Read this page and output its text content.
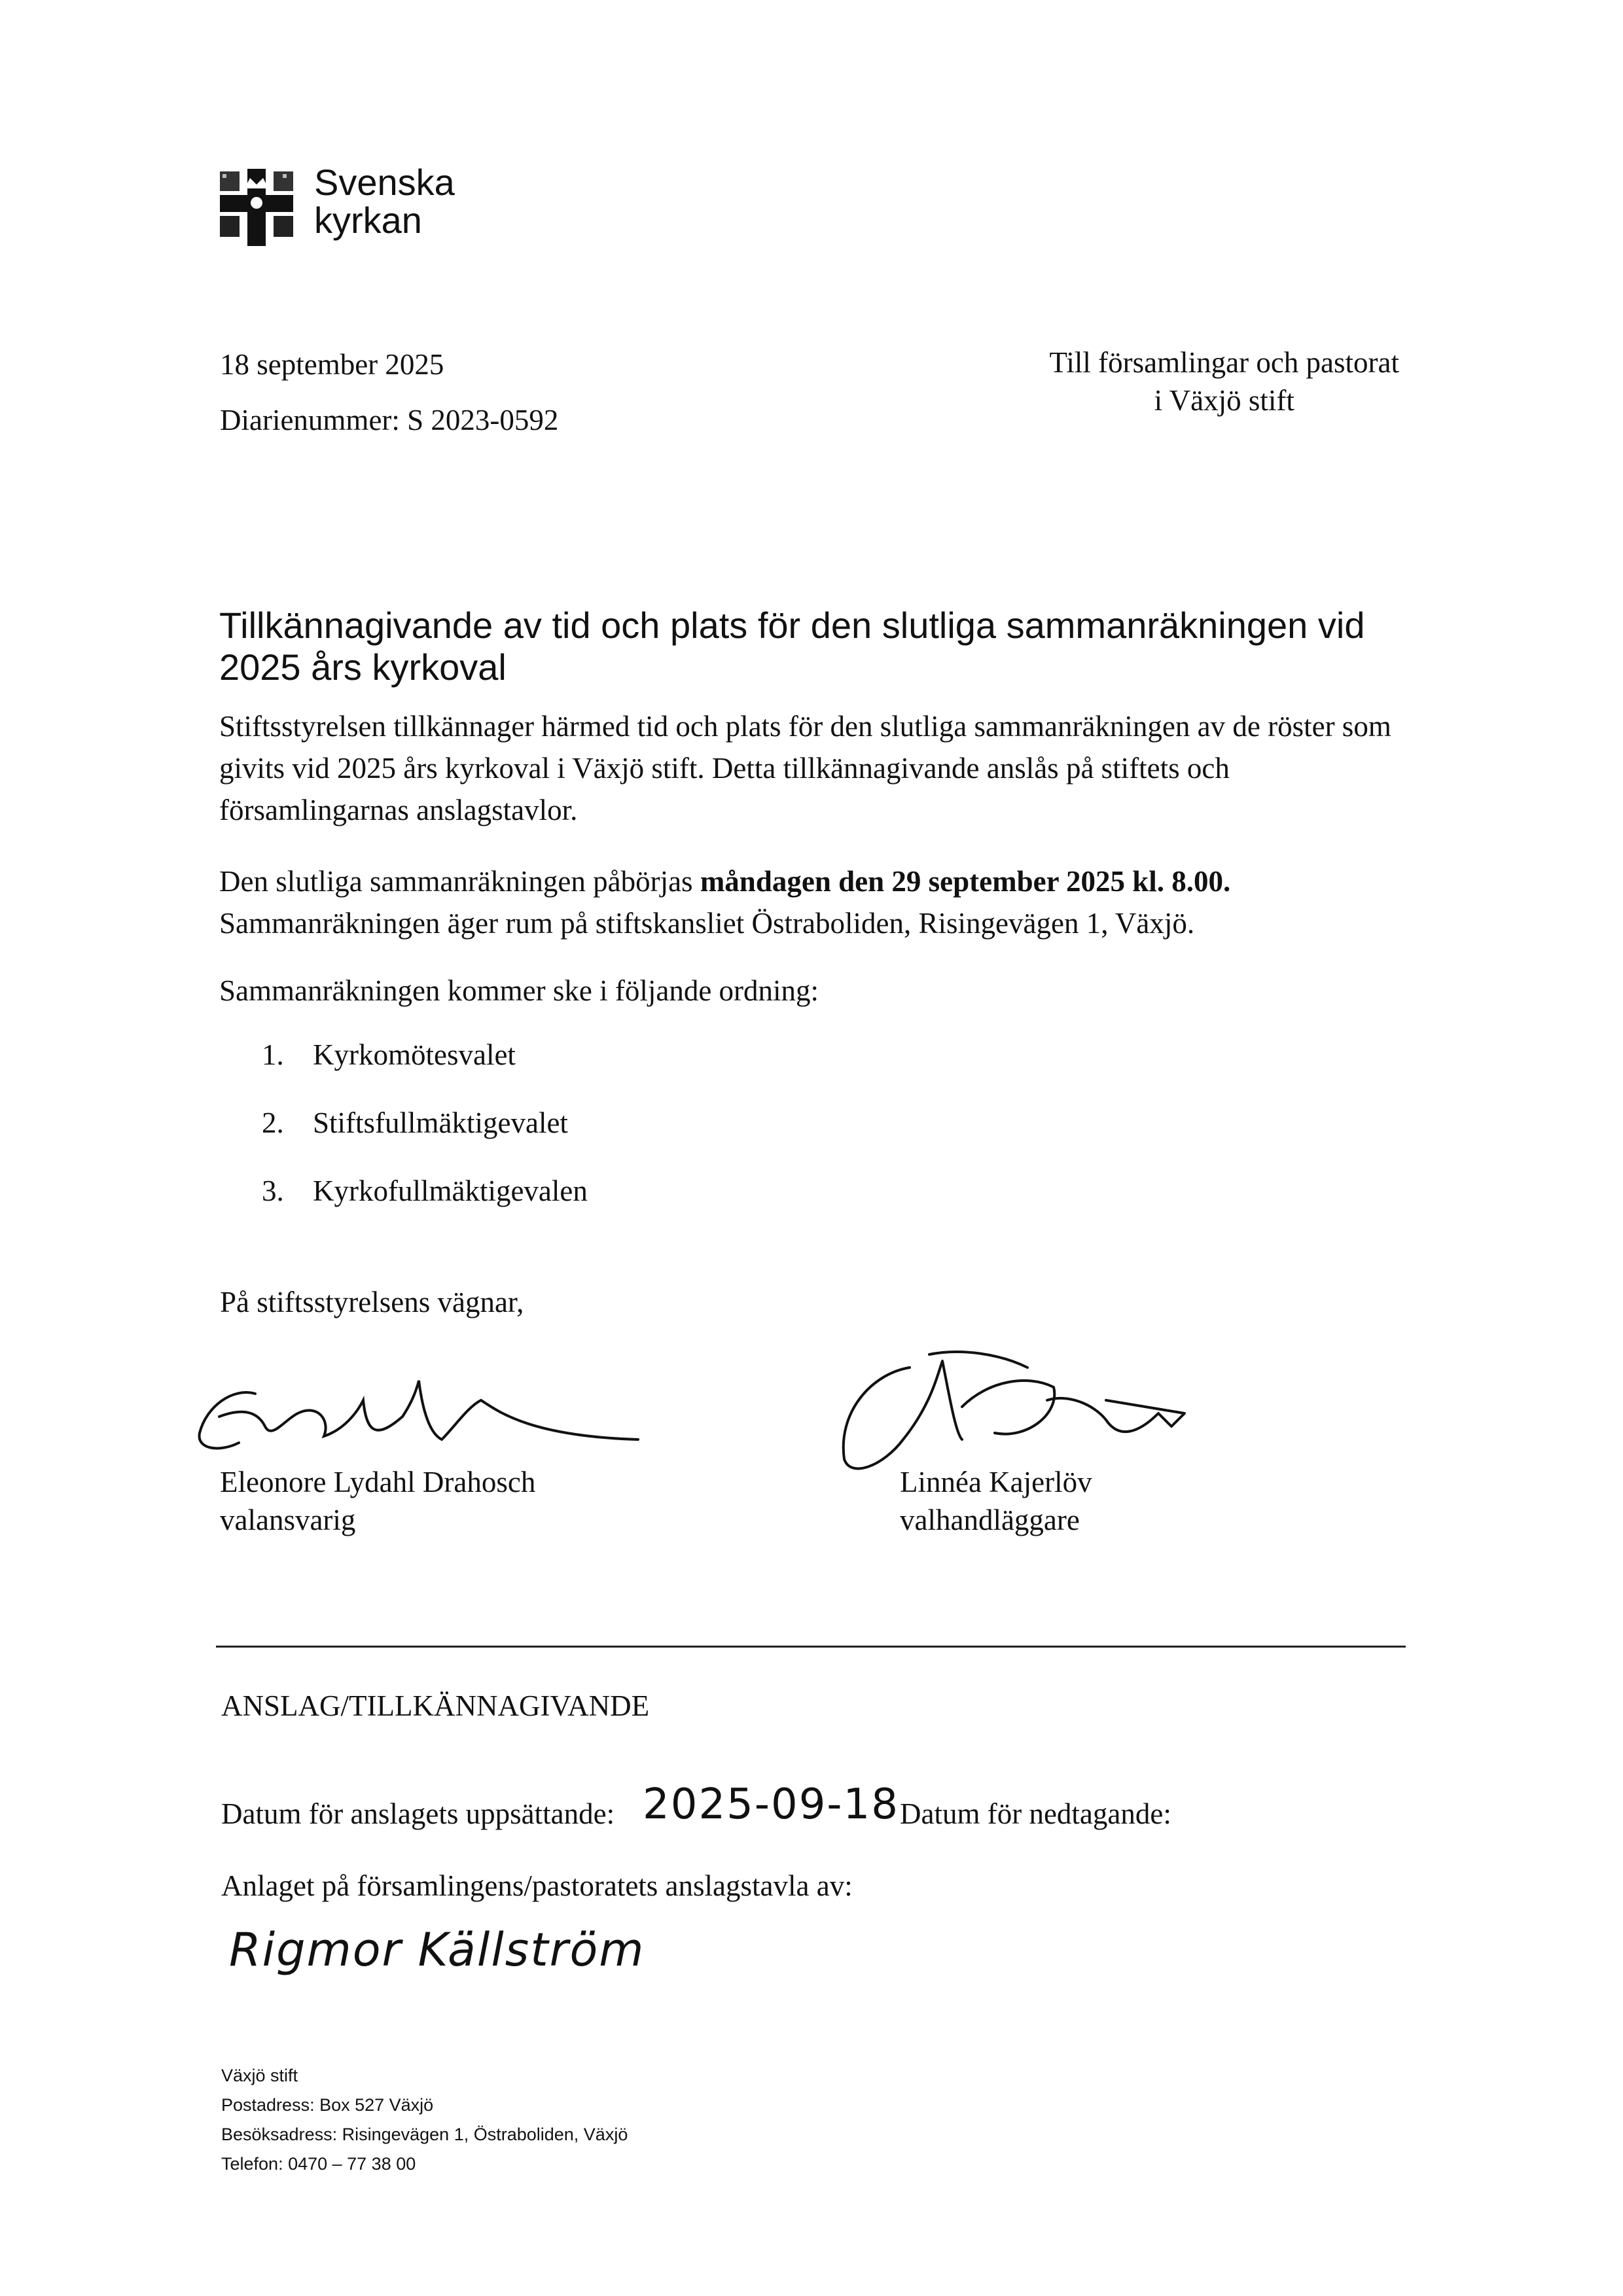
Svenska
kyrkan
18 september 2025
Diarienummer: S 2023-0592
Till församlingar och pastorat
i Växjö stift
Tillkännagivande av tid och plats för den slutliga sammanräkningen vid 2025 års kyrkoval

Stiftsstyrelsen tillkännager härmed tid och plats för den slutliga sammanräkningen av de röster som givits vid 2025 års kyrkoval i Växjö stift. Detta tillkännagivande anslås på stiftets och församlingarnas anslagstavlor.

Den slutliga sammanräkningen påbörjas måndagen den 29 september 2025 kl. 8.00.
Sammanräkningen äger rum på stiftskansliet Östraboliden, Risingevägen 1, Växjö.

Sammanräkningen kommer ske i följande ordning:

1. Kyrkomötesvalet
2. Stiftsfullmäktigevalet
3. Kyrkofullmäktigevalen

På stiftsstyrelsens vägnar,

Eleonore Lydahl Drahosch
valansvarig
Linnéa Kajerlöv
valhandläggare
ANSLAG/TILLKÄNNAGIVANDE
Datum för anslagets uppsättande: 2025-09-18 Datum för nedtagande:
Anlaget på församlingens/pastoratets anslagstavla av:
Rigmor Källström
Växjö stift
Postadress: Box 527 Växjö
Besöksadress: Risingevägen 1, Östraboliden, Växjö
Telefon: 0470 – 77 38 00
